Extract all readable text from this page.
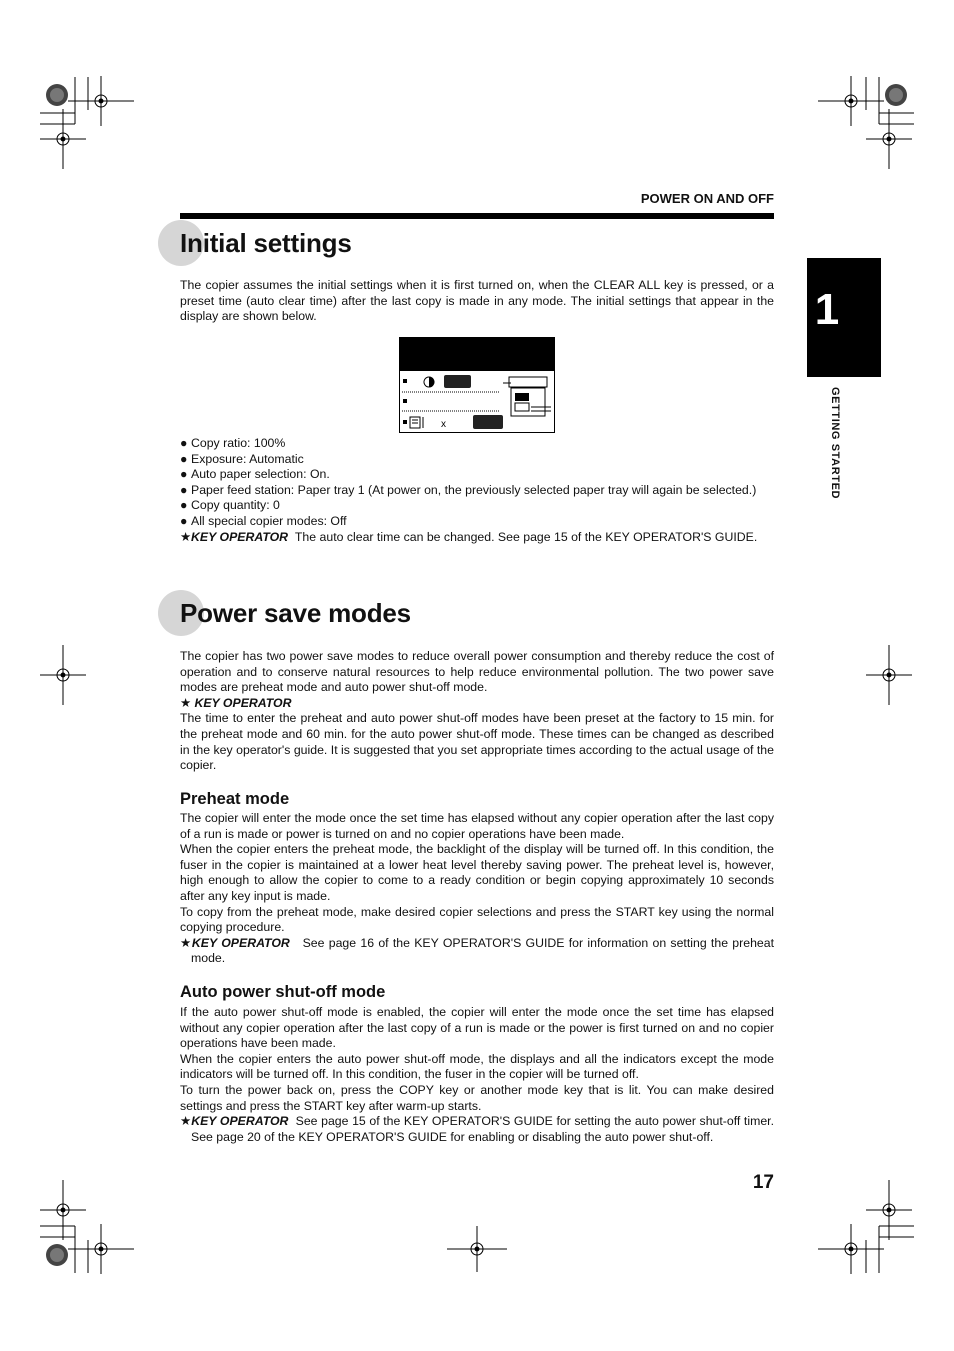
POWER ON AND OFF
1
GETTING STARTED
Initial settings
The copier assumes the initial settings when it is first turned on, when the CLEAR ALL key is pressed, or a preset time (auto clear time) after the last copy is made in any mode. The initial settings that appear in the display are shown below.
x
● Copy ratio: 100%
● Exposure: Automatic
● Auto paper selection: On.
● Paper feed station: Paper tray 1 (At power on, the previously selected paper tray will again be selected.)
● Copy quantity: 0
● All special copier modes: Off
★KEY OPERATOR The auto clear time can be changed. See page 15 of the KEY OPERATOR'S GUIDE.
Power save modes

The copier has two power save modes to reduce overall power consumption and thereby reduce the cost of operation and to conserve natural resources to help reduce environmental pollution. The two power save modes are preheat mode and auto power shut-off mode.

★ KEY OPERATOR

The time to enter the preheat and auto power shut-off modes have been preset at the factory to 15 min. for the preheat mode and 60 min. for the auto power shut-off mode. These times can be changed as described in the key operator's guide. It is suggested that you set appropriate times according to the actual usage of the copier.

Preheat mode

The copier will enter the mode once the set time has elapsed without any copier operation after the last copy of a run is made or power is turned on and no copier operations have been made.

When the copier enters the preheat mode, the backlight of the display will be turned off. In this condition, the fuser in the copier is maintained at a lower heat level thereby saving power. The preheat level is, however, high enough to allow the copier to come to a ready condition or begin copying approximately 10 seconds after any key input is made.

To copy from the preheat mode, make desired copier selections and press the START key using the normal copying procedure.

★KEY OPERATOR See page 16 of the KEY OPERATOR'S GUIDE for information on setting the preheat mode.

Auto power shut-off mode

If the auto power shut-off mode is enabled, the copier will enter the mode once the set time has elapsed without any copier operation after the last copy of a run is made or the power is first turned on and no copier operations have been made.

When the copier enters the auto power shut-off mode, the displays and all the indicators except the mode indicators will be turned off. In this condition, the fuser in the copier will be turned off.

To turn the power back on, press the COPY key or another mode key that is lit. You can make desired settings and press the START key after warm-up starts.

★KEY OPERATOR See page 15 of the KEY OPERATOR'S GUIDE for setting the auto power shut-off timer. See page 20 of the KEY OPERATOR'S GUIDE for enabling or disabling the auto power shut-off.

17
